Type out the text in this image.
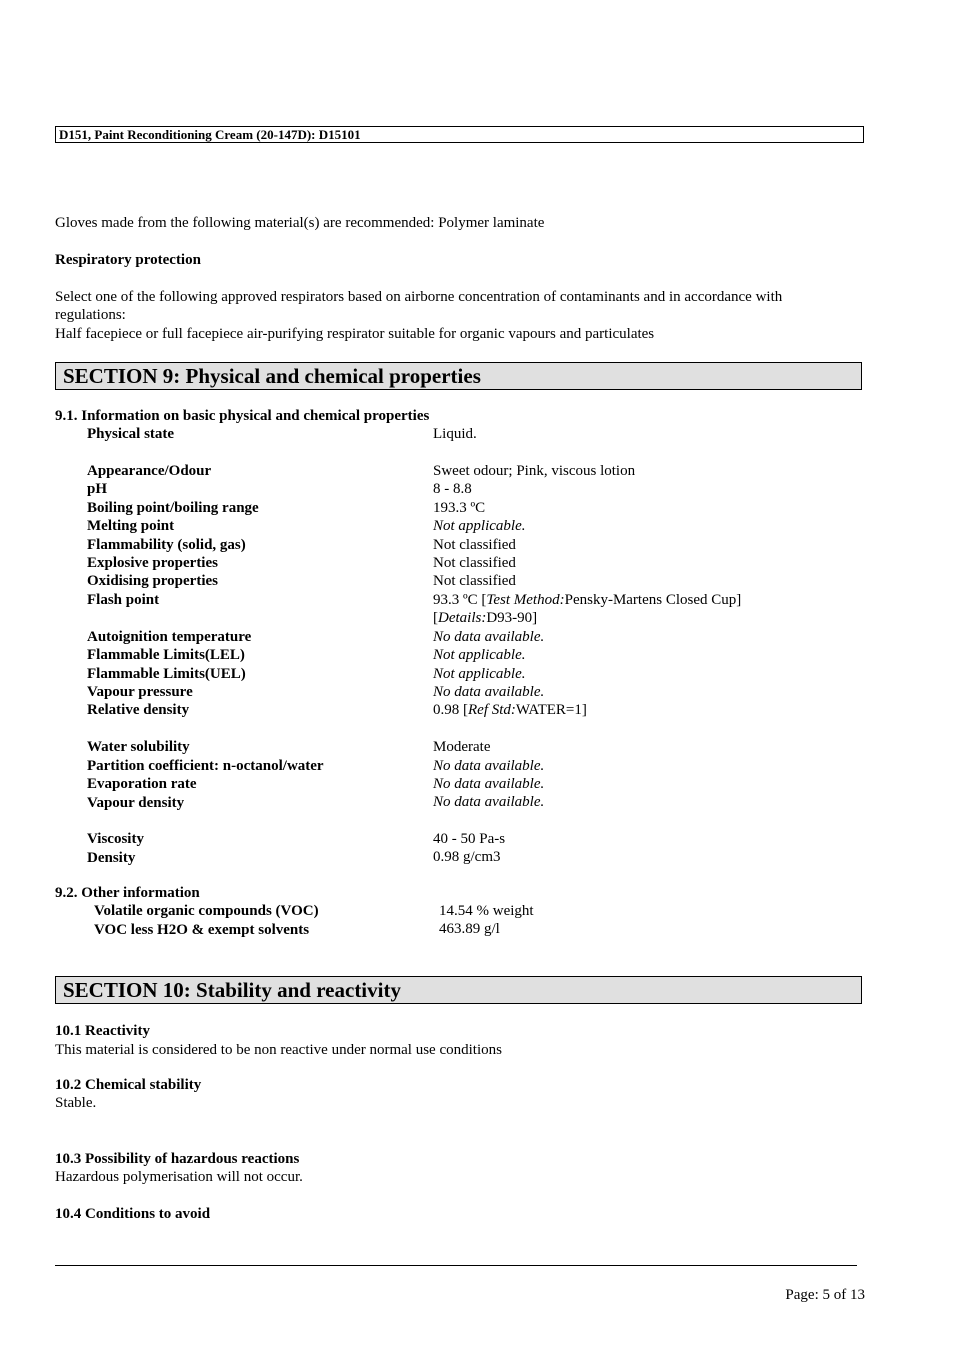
D151, Paint Reconditioning Cream (20-147D): D15101
Gloves made from the following material(s) are recommended: Polymer laminate
Respiratory protection
Select one of the following approved respirators based on airborne concentration of contaminants and in accordance with
regulations:
Half facepiece or full facepiece air-purifying respirator suitable for organic vapours and particulates
SECTION 9: Physical and chemical properties
9.1. Information on basic physical and chemical properties
Physical state	Liquid.
Appearance/Odour	Sweet odour; Pink, viscous lotion
pH	8 - 8.8
Boiling point/boiling range	193.3 ºC
Melting point	Not applicable.
Flammability (solid, gas)	Not classified
Explosive properties	Not classified
Oxidising properties	Not classified
Flash point	93.3 ºC [Test Method:Pensky-Martens Closed Cup]
[Details:D93-90]
Autoignition temperature	No data available.
Flammable Limits(LEL)	Not applicable.
Flammable Limits(UEL)	Not applicable.
Vapour pressure	No data available.
Relative density	0.98 [Ref Std:WATER=1]
Water solubility	Moderate
Partition coefficient: n-octanol/water	No data available.
Evaporation rate	No data available.
Vapour density	No data available.
Viscosity	40 - 50 Pa-s
Density	0.98 g/cm3
9.2. Other information
Volatile organic compounds (VOC)	14.54 % weight
VOC less H2O & exempt solvents	463.89 g/l
SECTION 10: Stability and reactivity
10.1 Reactivity
This material is considered to be non reactive under normal use conditions
10.2 Chemical stability
Stable.
10.3 Possibility of hazardous reactions
Hazardous polymerisation will not occur.
10.4 Conditions to avoid
Page: 5 of 13
